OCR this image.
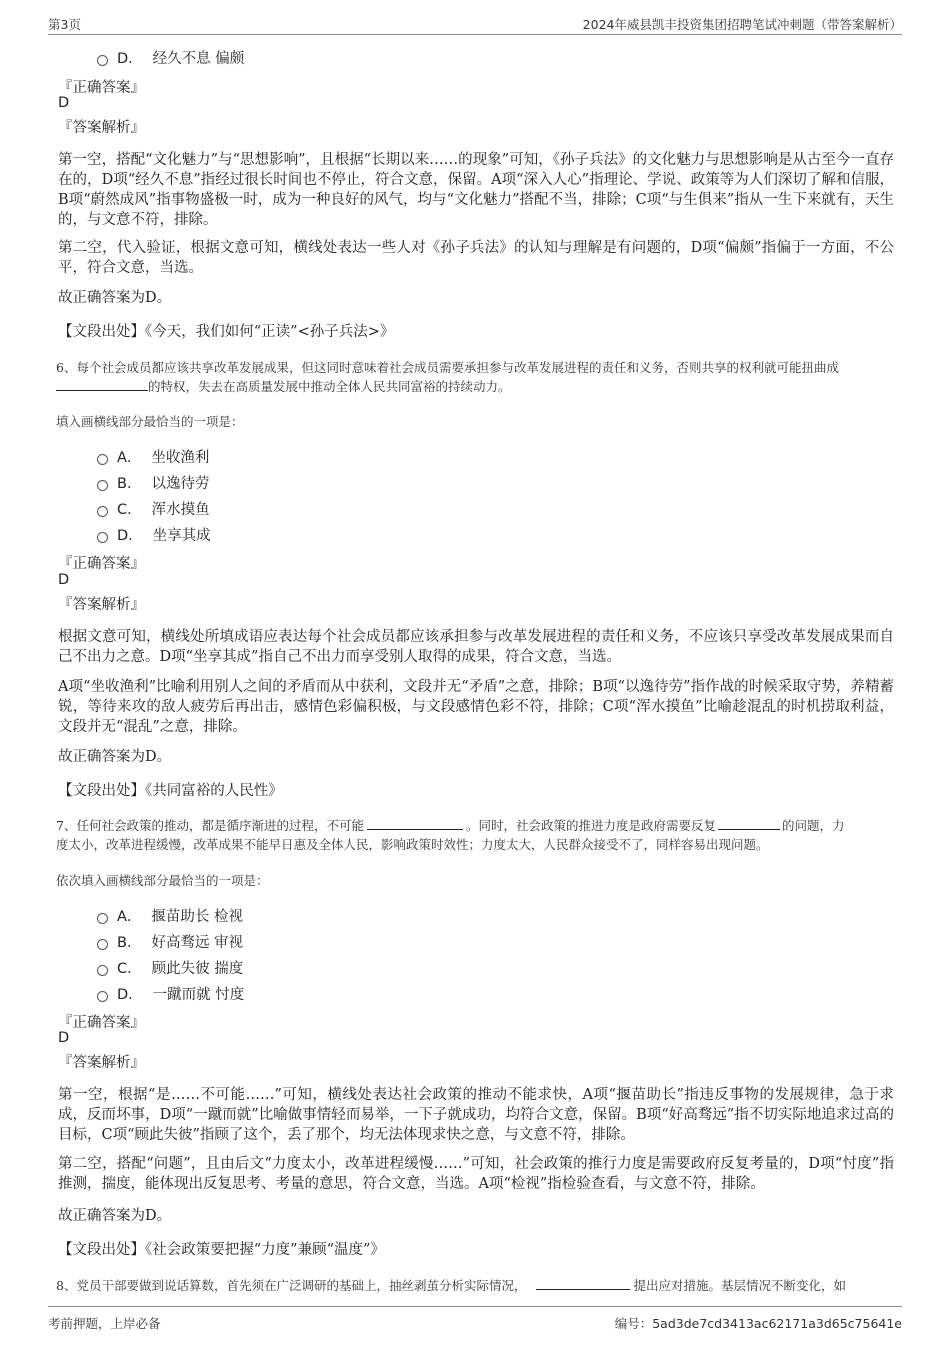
第3页	2024年威县凯丰投资集团招聘笔试冲刺题（带答案解析）
D． 经久不息 偏颇
『正确答案』
D
『答案解析』
第一空，搭配“文化魅力”与“思想影响”，且根据“长期以来……的现象”可知，《孙子兵法》的文化魅力与思想影响是从古至今一直存在的，D项“经久不息”指经过很长时间也不停止，符合文意，保留。A项“深入人心”指理论、学说、政策等为人们深切了解和信服，B项“蔚然成风”指事物盛极一时，成为一种良好的风气，均与“文化魅力”搭配不当，排除；C项“与生俱来”指从一生下来就有，天生的，与文意不符，排除。
第二空，代入验证，根据文意可知，横线处表达一些人对《孙子兵法》的认知与理解是有问题的，D项“偏颇”指偏于一方面，不公平，符合文意，当选。
故正确答案为D。
【文段出处】《今天，我们如何“正读”<孙子兵法>》
6、每个社会成员都应该共享改革发展成果，但这同时意味着社会成员需要承担参与改革发展进程的责任和义务，否则共享的权利就可能扭曲成
的特权，失去在高质量发展中推动全体人民共同富裕的持续动力。
填入画横线部分最恰当的一项是：
A． 坐收渔利
B． 以逸待劳
C． 浑水摸鱼
D． 坐享其成
『正确答案』
D
『答案解析』
根据文意可知，横线处所填成语应表达每个社会成员都应该承担参与改革发展进程的责任和义务，不应该只享受改革发展成果而自己不出力之意。D项“坐享其成”指自己不出力而享受别人取得的成果，符合文意，当选。
A项“坐收渔利”比喻利用别人之间的矛盾而从中获利，文段并无“矛盾”之意，排除；B项“以逸待劳”指作战的时候采取守势，养精蓄锐，等待来攻的敌人疲劳后再出击，感情色彩偏积极，与文段感情色彩不符，排除；C项“浑水摸鱼”比喻趁混乱的时机捞取利益，文段并无“混乱”之意，排除。
故正确答案为D。
【文段出处】《共同富裕的人民性》
7、任何社会政策的推动，都是循序渐进的过程，不可能	。同时，社会政策的推进力度是政府需要反复	的问题，力
度太小，改革进程缓慢，改革成果不能早日惠及全体人民，影响政策时效性；力度太大，人民群众接受不了，同样容易出现问题。
依次填入画横线部分最恰当的一项是：
A． 揠苗助长 检视
B． 好高骛远 审视
C． 顾此失彼 揣度
D． 一蹴而就 忖度
『正确答案』
D
『答案解析』
第一空，根据“是……不可能……”可知，横线处表达社会政策的推动不能求快，A项“揠苗助长”指违反事物的发展规律，急于求成，反而坏事，D项“一蹴而就”比喻做事情轻而易举，一下子就成功，均符合文意，保留。B项“好高骛远”指不切实际地追求过高的目标，C项“顾此失彼”指顾了这个，丢了那个，均无法体现求快之意，与文意不符，排除。
第二空，搭配“问题”，且由后文“力度太小，改革进程缓慢……”可知，社会政策的推行力度是需要政府反复考量的，D项“忖度”指推测，揣度，能体现出反复思考、考量的意思，符合文意，当选。A项“检视”指检验查看，与文意不符，排除。
故正确答案为D。
【文段出处】《社会政策要把握“力度”兼顾“温度”》
8、党员干部要做到说话算数，首先须在广泛调研的基础上，抽丝剥茧分析实际情况，	提出应对措施。基层情况不断变化，如
考前押题，上岸必备	编号：5ad3de7cd3413ac62171a3d65c75641e
